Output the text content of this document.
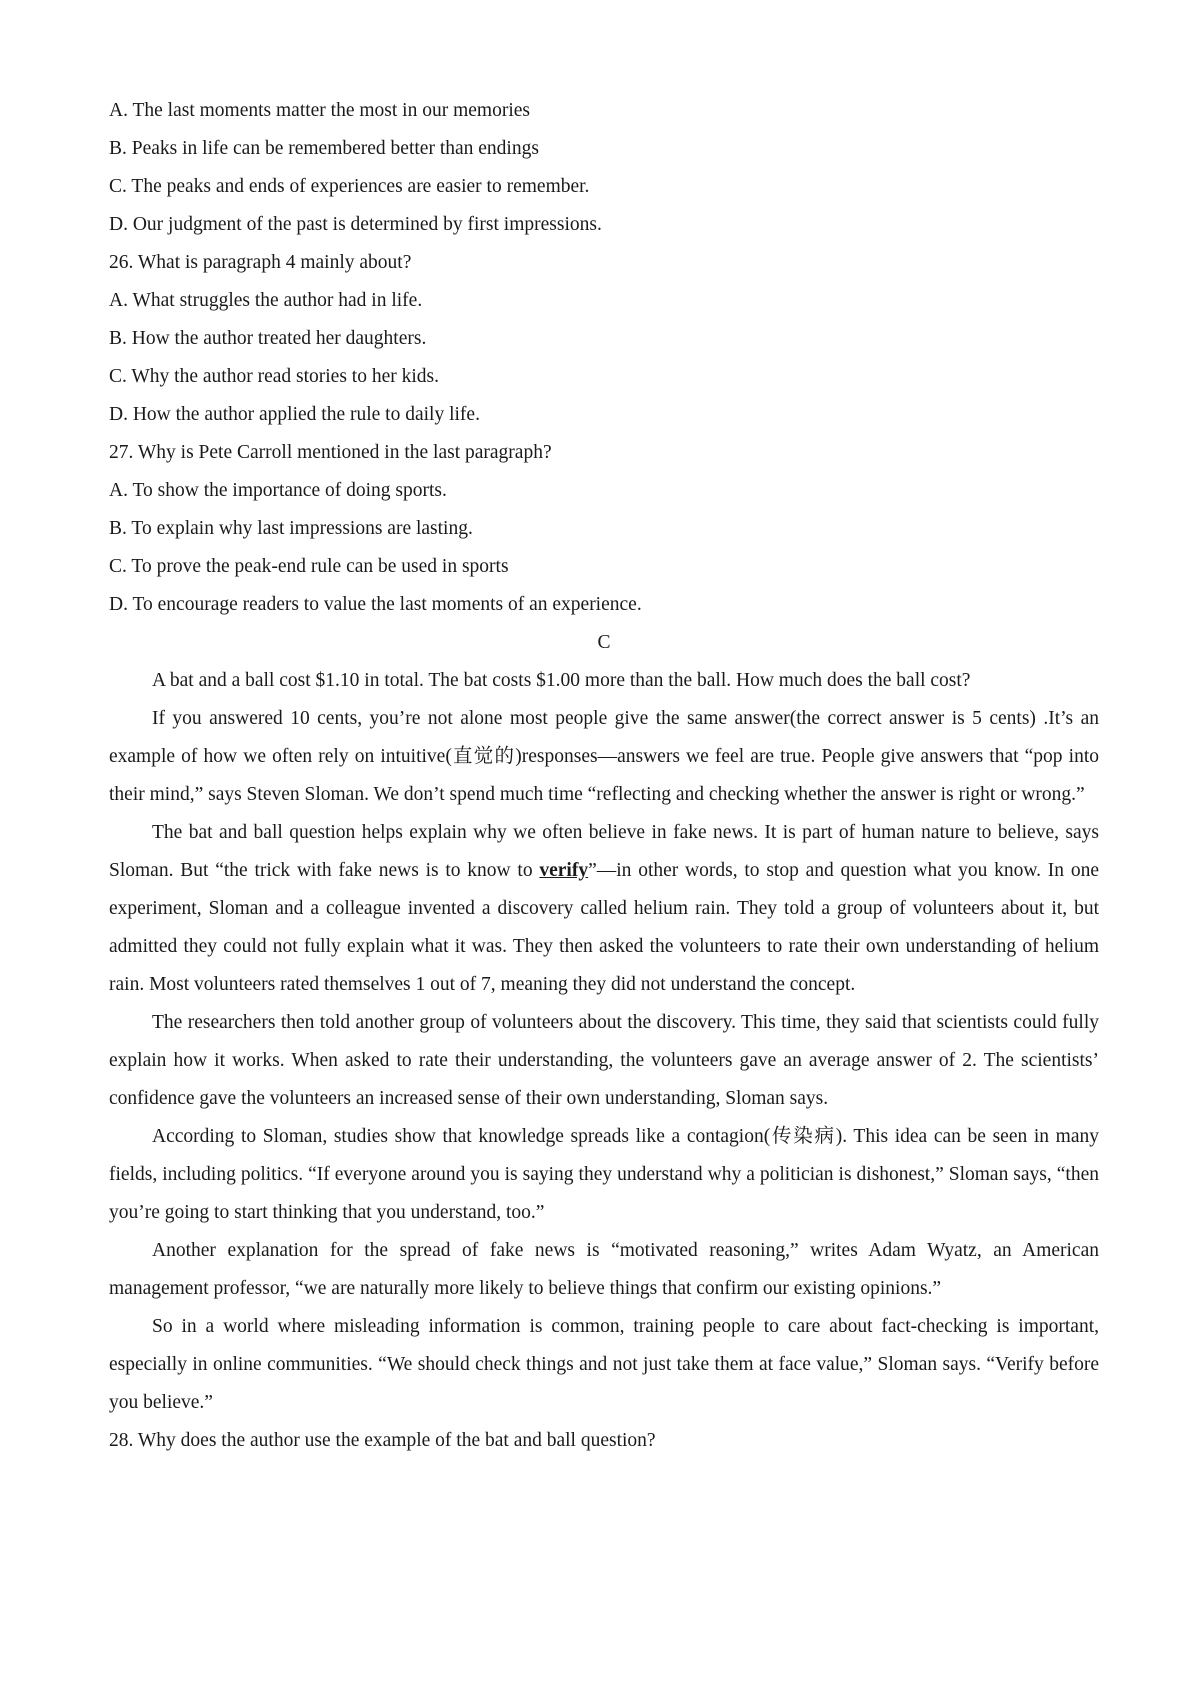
A. The last moments matter the most in our memories
B. Peaks in life can be remembered better than endings
C. The peaks and ends of experiences are easier to remember.
D. Our judgment of the past is determined by first impressions.
26. What is paragraph 4 mainly about?
A. What struggles the author had in life.
B. How the author treated her daughters.
C. Why the author read stories to her kids.
D. How the author applied the rule to daily life.
27. Why is Pete Carroll mentioned in the last paragraph?
A. To show the importance of doing sports.
B. To explain why last impressions are lasting.
C. To prove the peak-end rule can be used in sports
D. To encourage readers to value the last moments of an experience.
C

A bat and a ball cost $1.10 in total. The bat costs $1.00 more than the ball. How much does the ball cost?

If you answered 10 cents, you’re not alone most people give the same answer(the correct answer is 5 cents) .It’s an example of how we often rely on intuitive(直觉的)responses—answers we feel are true. People give answers that “pop into their mind,” says Steven Sloman. We don’t spend much time “reflecting and checking whether the answer is right or wrong.”

The bat and ball question helps explain why we often believe in fake news. It is part of human nature to believe, says Sloman. But “the trick with fake news is to know to verify”—in other words, to stop and question what you know. In one experiment, Sloman and a colleague invented a discovery called helium rain. They told a group of volunteers about it, but admitted they could not fully explain what it was. They then asked the volunteers to rate their own understanding of helium rain. Most volunteers rated themselves 1 out of 7, meaning they did not understand the concept.

The researchers then told another group of volunteers about the discovery. This time, they said that scientists could fully explain how it works. When asked to rate their understanding, the volunteers gave an average answer of 2. The scientists’ confidence gave the volunteers an increased sense of their own understanding, Sloman says.

According to Sloman, studies show that knowledge spreads like a contagion(传染病). This idea can be seen in many fields, including politics. “If everyone around you is saying they understand why a politician is dishonest,” Sloman says, “then you’re going to start thinking that you understand, too.”

Another explanation for the spread of fake news is “motivated reasoning,” writes Adam Wyatz, an American management professor, “we are naturally more likely to believe things that confirm our existing opinions.”

So in a world where misleading information is common, training people to care about fact-checking is important, especially in online communities. “We should check things and not just take them at face value,” Sloman says. “Verify before you believe.”

28. Why does the author use the example of the bat and ball question?
